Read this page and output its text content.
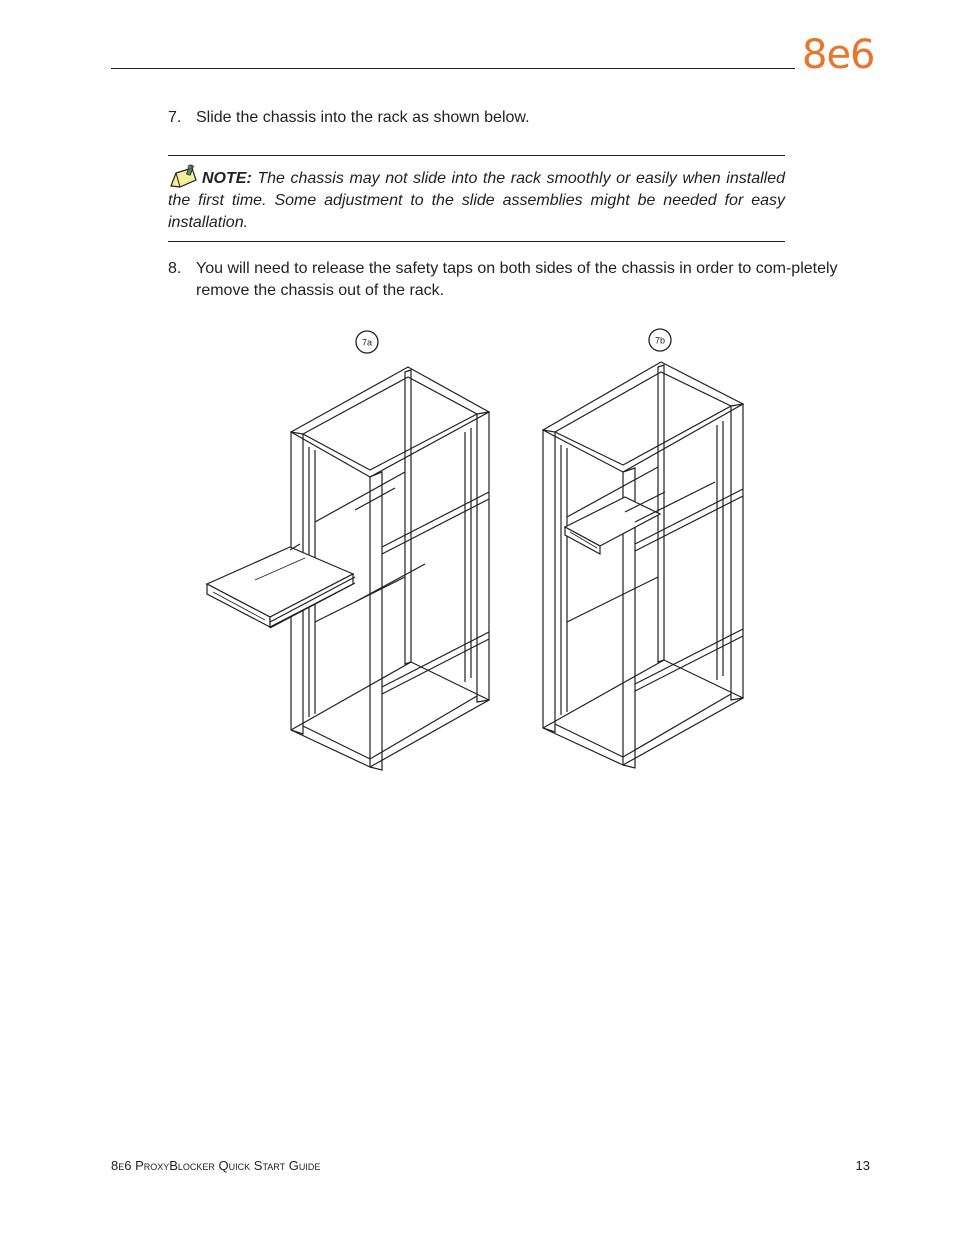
8e6
7. Slide the chassis into the rack as shown below.
NOTE: The chassis may not slide into the rack smoothly or easily when installed the first time. Some adjustment to the slide assemblies might be needed for easy installation.
8. You will need to release the safety taps on both sides of the chassis in order to com-pletely remove the chassis out of the rack.
7a	7b
8e6 ProxyBlocker Quick Start Guide	13
